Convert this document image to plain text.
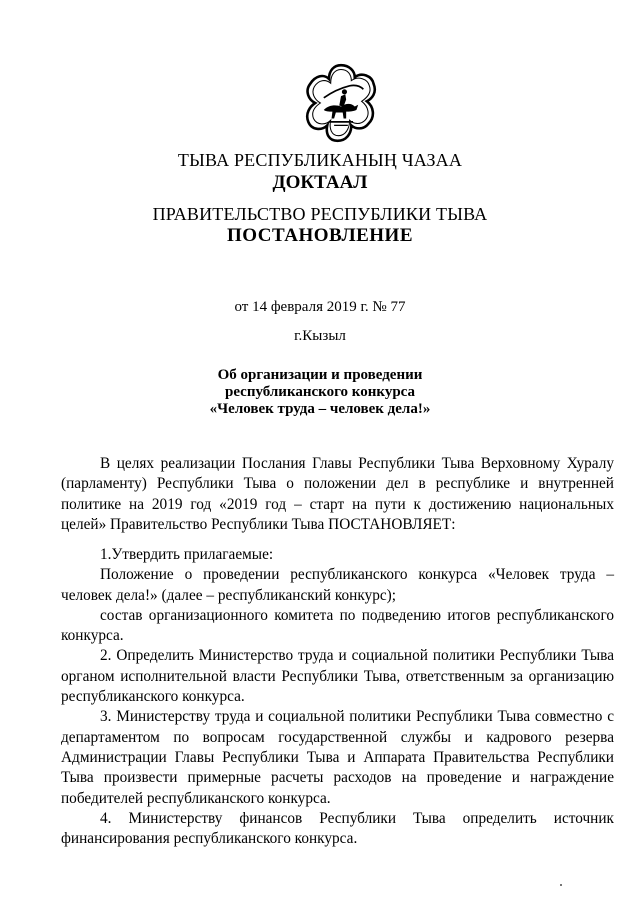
ТЫВА РЕСПУБЛИКАНЫҢ ЧАЗАА
ДОКТААЛ
ПРАВИТЕЛЬСТВО РЕСПУБЛИКИ ТЫВА
ПОСТАНОВЛЕНИЕ
от 14 февраля 2019 г. № 77
г.Кызыл
Об организации и проведении
республиканского конкурса
«Человек труда – человек дела!»

В целях реализации Послания Главы Республики Тыва Верховному Хуралу (парламенту) Республики Тыва о положении дел в республике и внутренней политике на 2019 год «2019 год – старт на пути к достижению национальных целей» Правительство Республики Тыва ПОСТАНОВЛЯЕТ:

1.Утвердить прилагаемые:

Положение о проведении республиканского конкурса «Человек труда – человек дела!» (далее – республиканский конкурс);

состав организационного комитета по подведению итогов республиканского конкурса.

2. Определить Министерство труда и социальной политики Республики Тыва органом исполнительной власти Республики Тыва, ответственным за организацию республиканского конкурса.

3. Министерству труда и социальной политики Республики Тыва совместно с департаментом по вопросам государственной службы и кадрового резерва Администрации Главы Республики Тыва и Аппарата Правительства Республики Тыва произвести примерные расчеты расходов на проведение и награждение победителей республиканского конкурса.

4. Министерству финансов Республики Тыва определить источник финансирования республиканского конкурса.
